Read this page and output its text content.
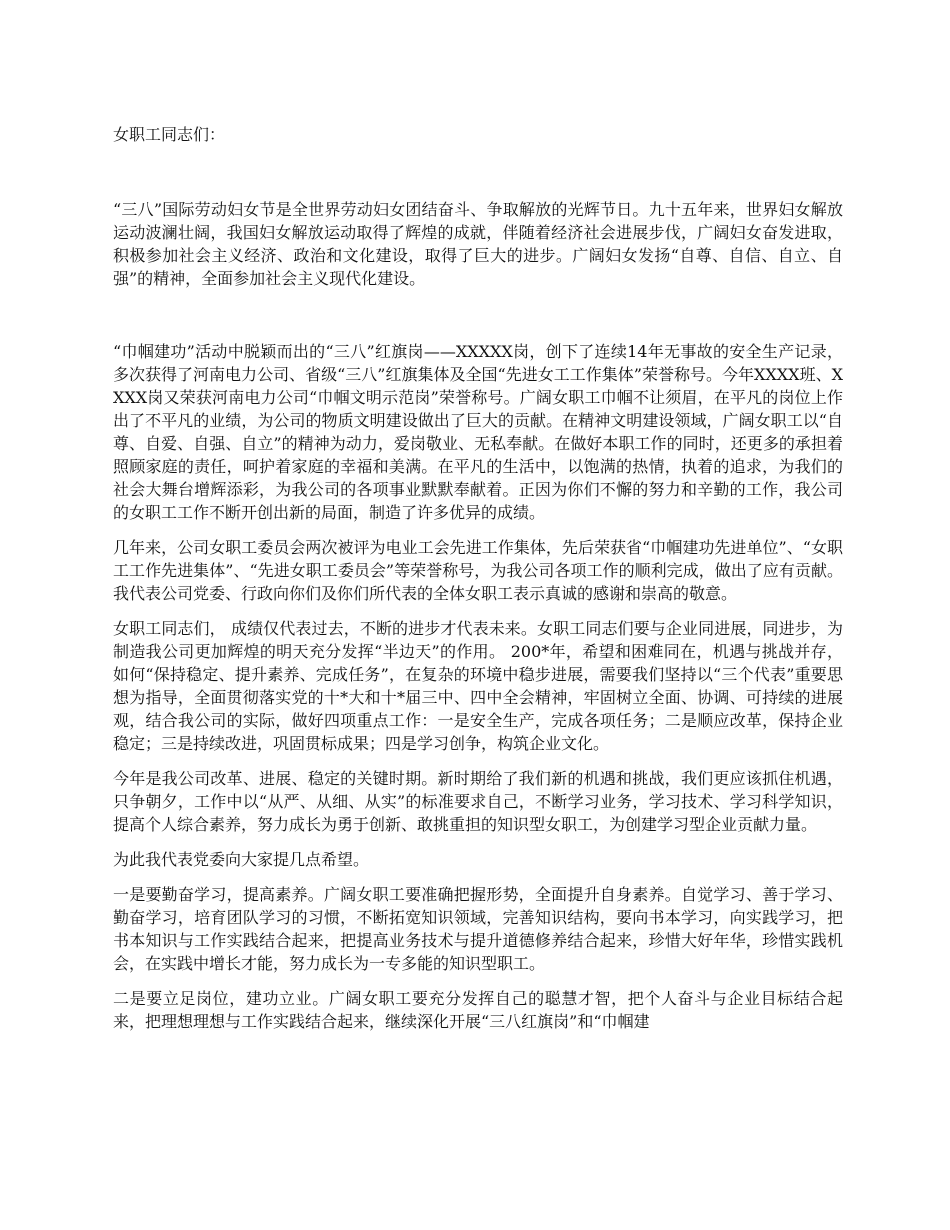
女职工同志们：

“三八”国际劳动妇女节是全世界劳动妇女团结奋斗、争取解放的光辉节日。九十五年来，世界妇女解放运动波澜壮阔，我国妇女解放运动取得了辉煌的成就，伴随着经济社会进展步伐，广阔妇女奋发进取，积极参加社会主义经济、政治和文化建设，取得了巨大的进步。广阔妇女发扬“自尊、自信、自立、自强”的精神，全面参加社会主义现代化建设。

“巾帼建功”活动中脱颖而出的“三八”红旗岗——XXXXX岗，创下了连续14年无事故的安全生产记录，多次获得了河南电力公司、省级“三八”红旗集体及全国“先进女工工作集体”荣誉称号。今年XXXX班、XXXX岗又荣获河南电力公司“巾帼文明示范岗”荣誉称号。广阔女职工巾帼不让须眉，在平凡的岗位上作出了不平凡的业绩，为公司的物质文明建设做出了巨大的贡献。在精神文明建设领域，广阔女职工以“自尊、自爱、自强、自立”的精神为动力，爱岗敬业、无私奉献。在做好本职工作的同时，还更多的承担着照顾家庭的责任，呵护着家庭的幸福和美满。在平凡的生活中，以饱满的热情，执着的追求，为我们的社会大舞台增辉添彩，为我公司的各项事业默默奉献着。正因为你们不懈的努力和辛勤的工作，我公司的女职工工作不断开创出新的局面，制造了许多优异的成绩。

几年来，公司女职工委员会两次被评为电业工会先进工作集体，先后荣获省“巾帼建功先进单位”、“女职工工作先进集体”、“先进女职工委员会”等荣誉称号，为我公司各项工作的顺利完成，做出了应有贡献。我代表公司党委、行政向你们及你们所代表的全体女职工表示真诚的感谢和崇高的敬意。

女职工同志们， 成绩仅代表过去，不断的进步才代表未来。女职工同志们要与企业同进展，同进步，为制造我公司更加辉煌的明天充分发挥“半边天”的作用。 200*年，希望和困难同在，机遇与挑战并存，如何“保持稳定、提升素养、完成任务”，在复杂的环境中稳步进展，需要我们坚持以“三个代表”重要思想为指导，全面贯彻落实党的十*大和十*届三中、四中全会精神，牢固树立全面、协调、可持续的进展观，结合我公司的实际，做好四项重点工作：一是安全生产，完成各项任务；二是顺应改革，保持企业稳定；三是持续改进，巩固贯标成果；四是学习创争，构筑企业文化。

今年是我公司改革、进展、稳定的关键时期。新时期给了我们新的机遇和挑战，我们更应该抓住机遇，只争朝夕，工作中以“从严、从细、从实”的标准要求自己，不断学习业务，学习技术、学习科学知识，提高个人综合素养，努力成长为勇于创新、敢挑重担的知识型女职工，为创建学习型企业贡献力量。

为此我代表党委向大家提几点希望。

一是要勤奋学习，提高素养。广阔女职工要准确把握形势，全面提升自身素养。自觉学习、善于学习、勤奋学习，培育团队学习的习惯，不断拓宽知识领域，完善知识结构，要向书本学习，向实践学习，把书本知识与工作实践结合起来，把提高业务技术与提升道德修养结合起来，珍惜大好年华，珍惜实践机会，在实践中增长才能，努力成长为一专多能的知识型职工。

二是要立足岗位，建功立业。广阔女职工要充分发挥自己的聪慧才智，把个人奋斗与企业目标结合起来，把理想理想与工作实践结合起来，继续深化开展“三八红旗岗”和“巾帼建
